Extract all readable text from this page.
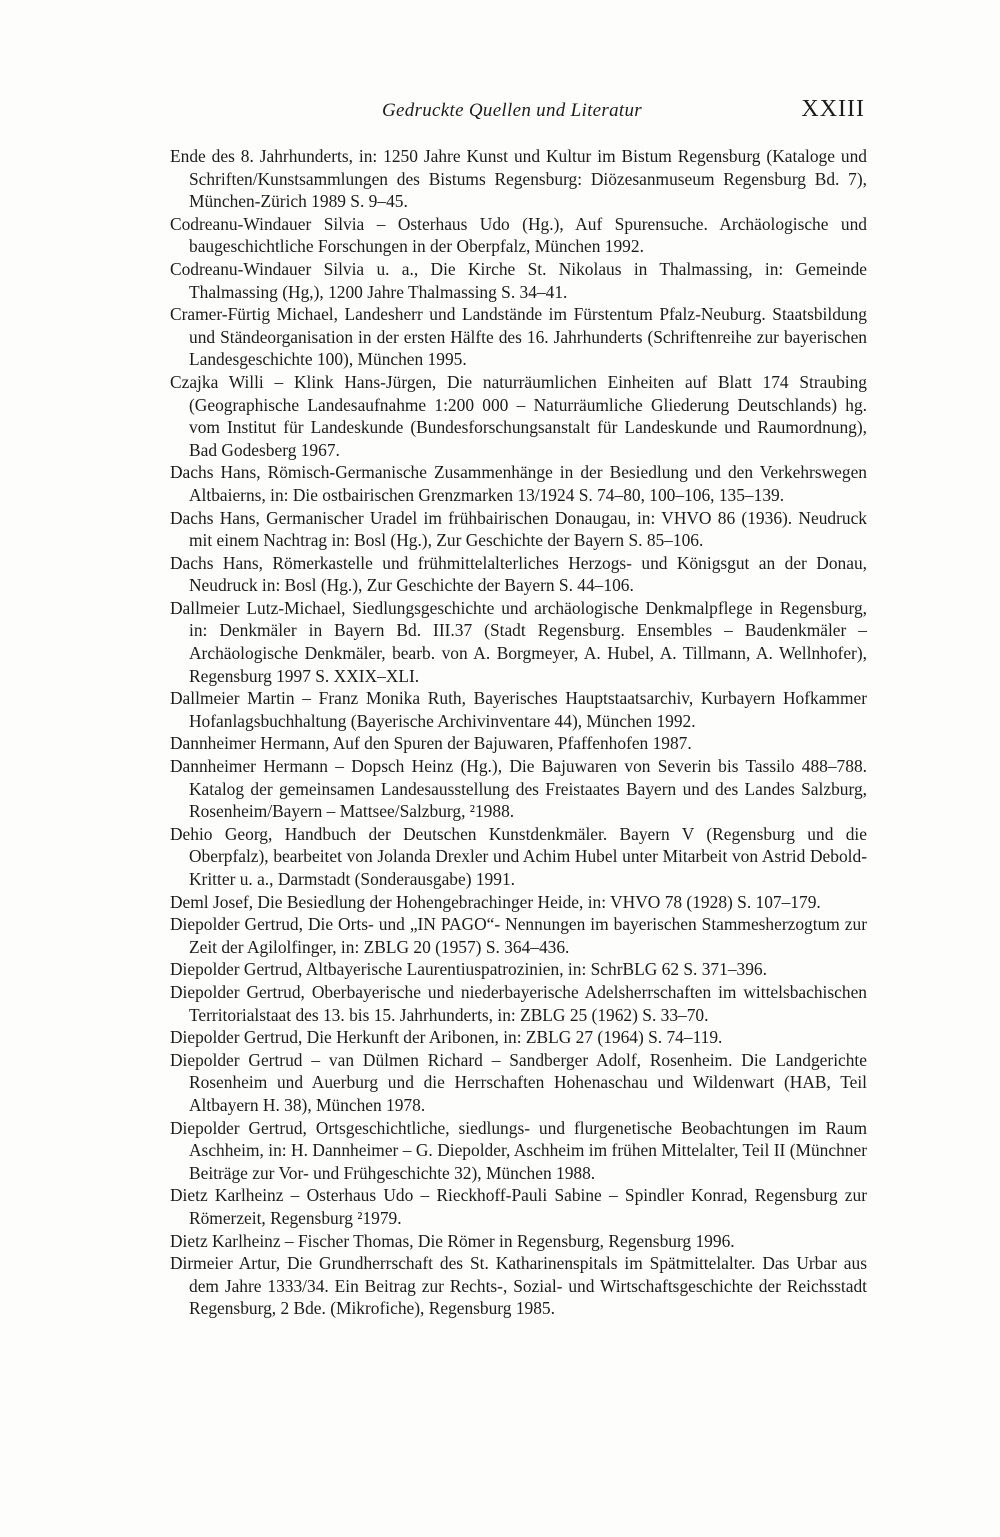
Gedruckte Quellen und Literatur	XXIII
Ende des 8. Jahrhunderts, in: 1250 Jahre Kunst und Kultur im Bistum Regensburg (Kataloge und Schriften/Kunstsammlungen des Bistums Regensburg: Diözesanmuseum Regensburg Bd. 7), München-Zürich 1989 S. 9–45.
Codreanu-Windauer Silvia – Osterhaus Udo (Hg.), Auf Spurensuche. Archäologische und baugeschichtliche Forschungen in der Oberpfalz, München 1992.
Codreanu-Windauer Silvia u. a., Die Kirche St. Nikolaus in Thalmassing, in: Gemeinde Thalmassing (Hg,), 1200 Jahre Thalmassing S. 34–41.
Cramer-Fürtig Michael, Landesherr und Landstände im Fürstentum Pfalz-Neuburg. Staatsbildung und Ständeorganisation in der ersten Hälfte des 16. Jahrhunderts (Schriftenreihe zur bayerischen Landesgeschichte 100), München 1995.
Czajka Willi – Klink Hans-Jürgen, Die naturräumlichen Einheiten auf Blatt 174 Straubing (Geographische Landesaufnahme 1:200 000 – Naturräumliche Gliederung Deutschlands) hg. vom Institut für Landeskunde (Bundesforschungsanstalt für Landeskunde und Raumordnung), Bad Godesberg 1967.
Dachs Hans, Römisch-Germanische Zusammenhänge in der Besiedlung und den Verkehrswegen Altbaierns, in: Die ostbairischen Grenzmarken 13/1924 S. 74–80, 100–106, 135–139.
Dachs Hans, Germanischer Uradel im frühbairischen Donaugau, in: VHVO 86 (1936). Neudruck mit einem Nachtrag in: Bosl (Hg.), Zur Geschichte der Bayern S. 85–106.
Dachs Hans, Römerkastelle und frühmittelalterliches Herzogs- und Königsgut an der Donau, Neudruck in: Bosl (Hg.), Zur Geschichte der Bayern S. 44–106.
Dallmeier Lutz-Michael, Siedlungsgeschichte und archäologische Denkmalpflege in Regensburg, in: Denkmäler in Bayern Bd. III.37 (Stadt Regensburg. Ensembles – Baudenkmäler – Archäologische Denkmäler, bearb. von A. Borgmeyer, A. Hubel, A. Tillmann, A. Wellnhofer), Regensburg 1997 S. XXIX–XLI.
Dallmeier Martin – Franz Monika Ruth, Bayerisches Hauptstaatsarchiv, Kurbayern Hofkammer Hofanlagsbuchhaltung (Bayerische Archivinventare 44), München 1992.
Dannheimer Hermann, Auf den Spuren der Bajuwaren, Pfaffenhofen 1987.
Dannheimer Hermann – Dopsch Heinz (Hg.), Die Bajuwaren von Severin bis Tassilo 488–788. Katalog der gemeinsamen Landesausstellung des Freistaates Bayern und des Landes Salzburg, Rosenheim/Bayern – Mattsee/Salzburg, ²1988.
Dehio Georg, Handbuch der Deutschen Kunstdenkmäler. Bayern V (Regensburg und die Oberpfalz), bearbeitet von Jolanda Drexler und Achim Hubel unter Mitarbeit von Astrid Debold-Kritter u. a., Darmstadt (Sonderausgabe) 1991.
Deml Josef, Die Besiedlung der Hohengebrachinger Heide, in: VHVO 78 (1928) S. 107–179.
Diepolder Gertrud, Die Orts- und „IN PAGO“- Nennungen im bayerischen Stammesherzogtum zur Zeit der Agilolfinger, in: ZBLG 20 (1957) S. 364–436.
Diepolder Gertrud, Altbayerische Laurentiuspatrozinien, in: SchrBLG 62 S. 371–396.
Diepolder Gertrud, Oberbayerische und niederbayerische Adelsherrschaften im wittelsbachischen Territorialstaat des 13. bis 15. Jahrhunderts, in: ZBLG 25 (1962) S. 33–70.
Diepolder Gertrud, Die Herkunft der Aribonen, in: ZBLG 27 (1964) S. 74–119.
Diepolder Gertrud – van Dülmen Richard – Sandberger Adolf, Rosenheim. Die Landgerichte Rosenheim und Auerburg und die Herrschaften Hohenaschau und Wildenwart (HAB, Teil Altbayern H. 38), München 1978.
Diepolder Gertrud, Ortsgeschichtliche, siedlungs- und flurgenetische Beobachtungen im Raum Aschheim, in: H. Dannheimer – G. Diepolder, Aschheim im frühen Mittelalter, Teil II (Münchner Beiträge zur Vor- und Frühgeschichte 32), München 1988.
Dietz Karlheinz – Osterhaus Udo – Rieckhoff-Pauli Sabine – Spindler Konrad, Regensburg zur Römerzeit, Regensburg ²1979.
Dietz Karlheinz – Fischer Thomas, Die Römer in Regensburg, Regensburg 1996.
Dirmeier Artur, Die Grundherrschaft des St. Katharinenspitals im Spätmittelalter. Das Urbar aus dem Jahre 1333/34. Ein Beitrag zur Rechts-, Sozial- und Wirtschaftsgeschichte der Reichsstadt Regensburg, 2 Bde. (Mikrofiche), Regensburg 1985.
